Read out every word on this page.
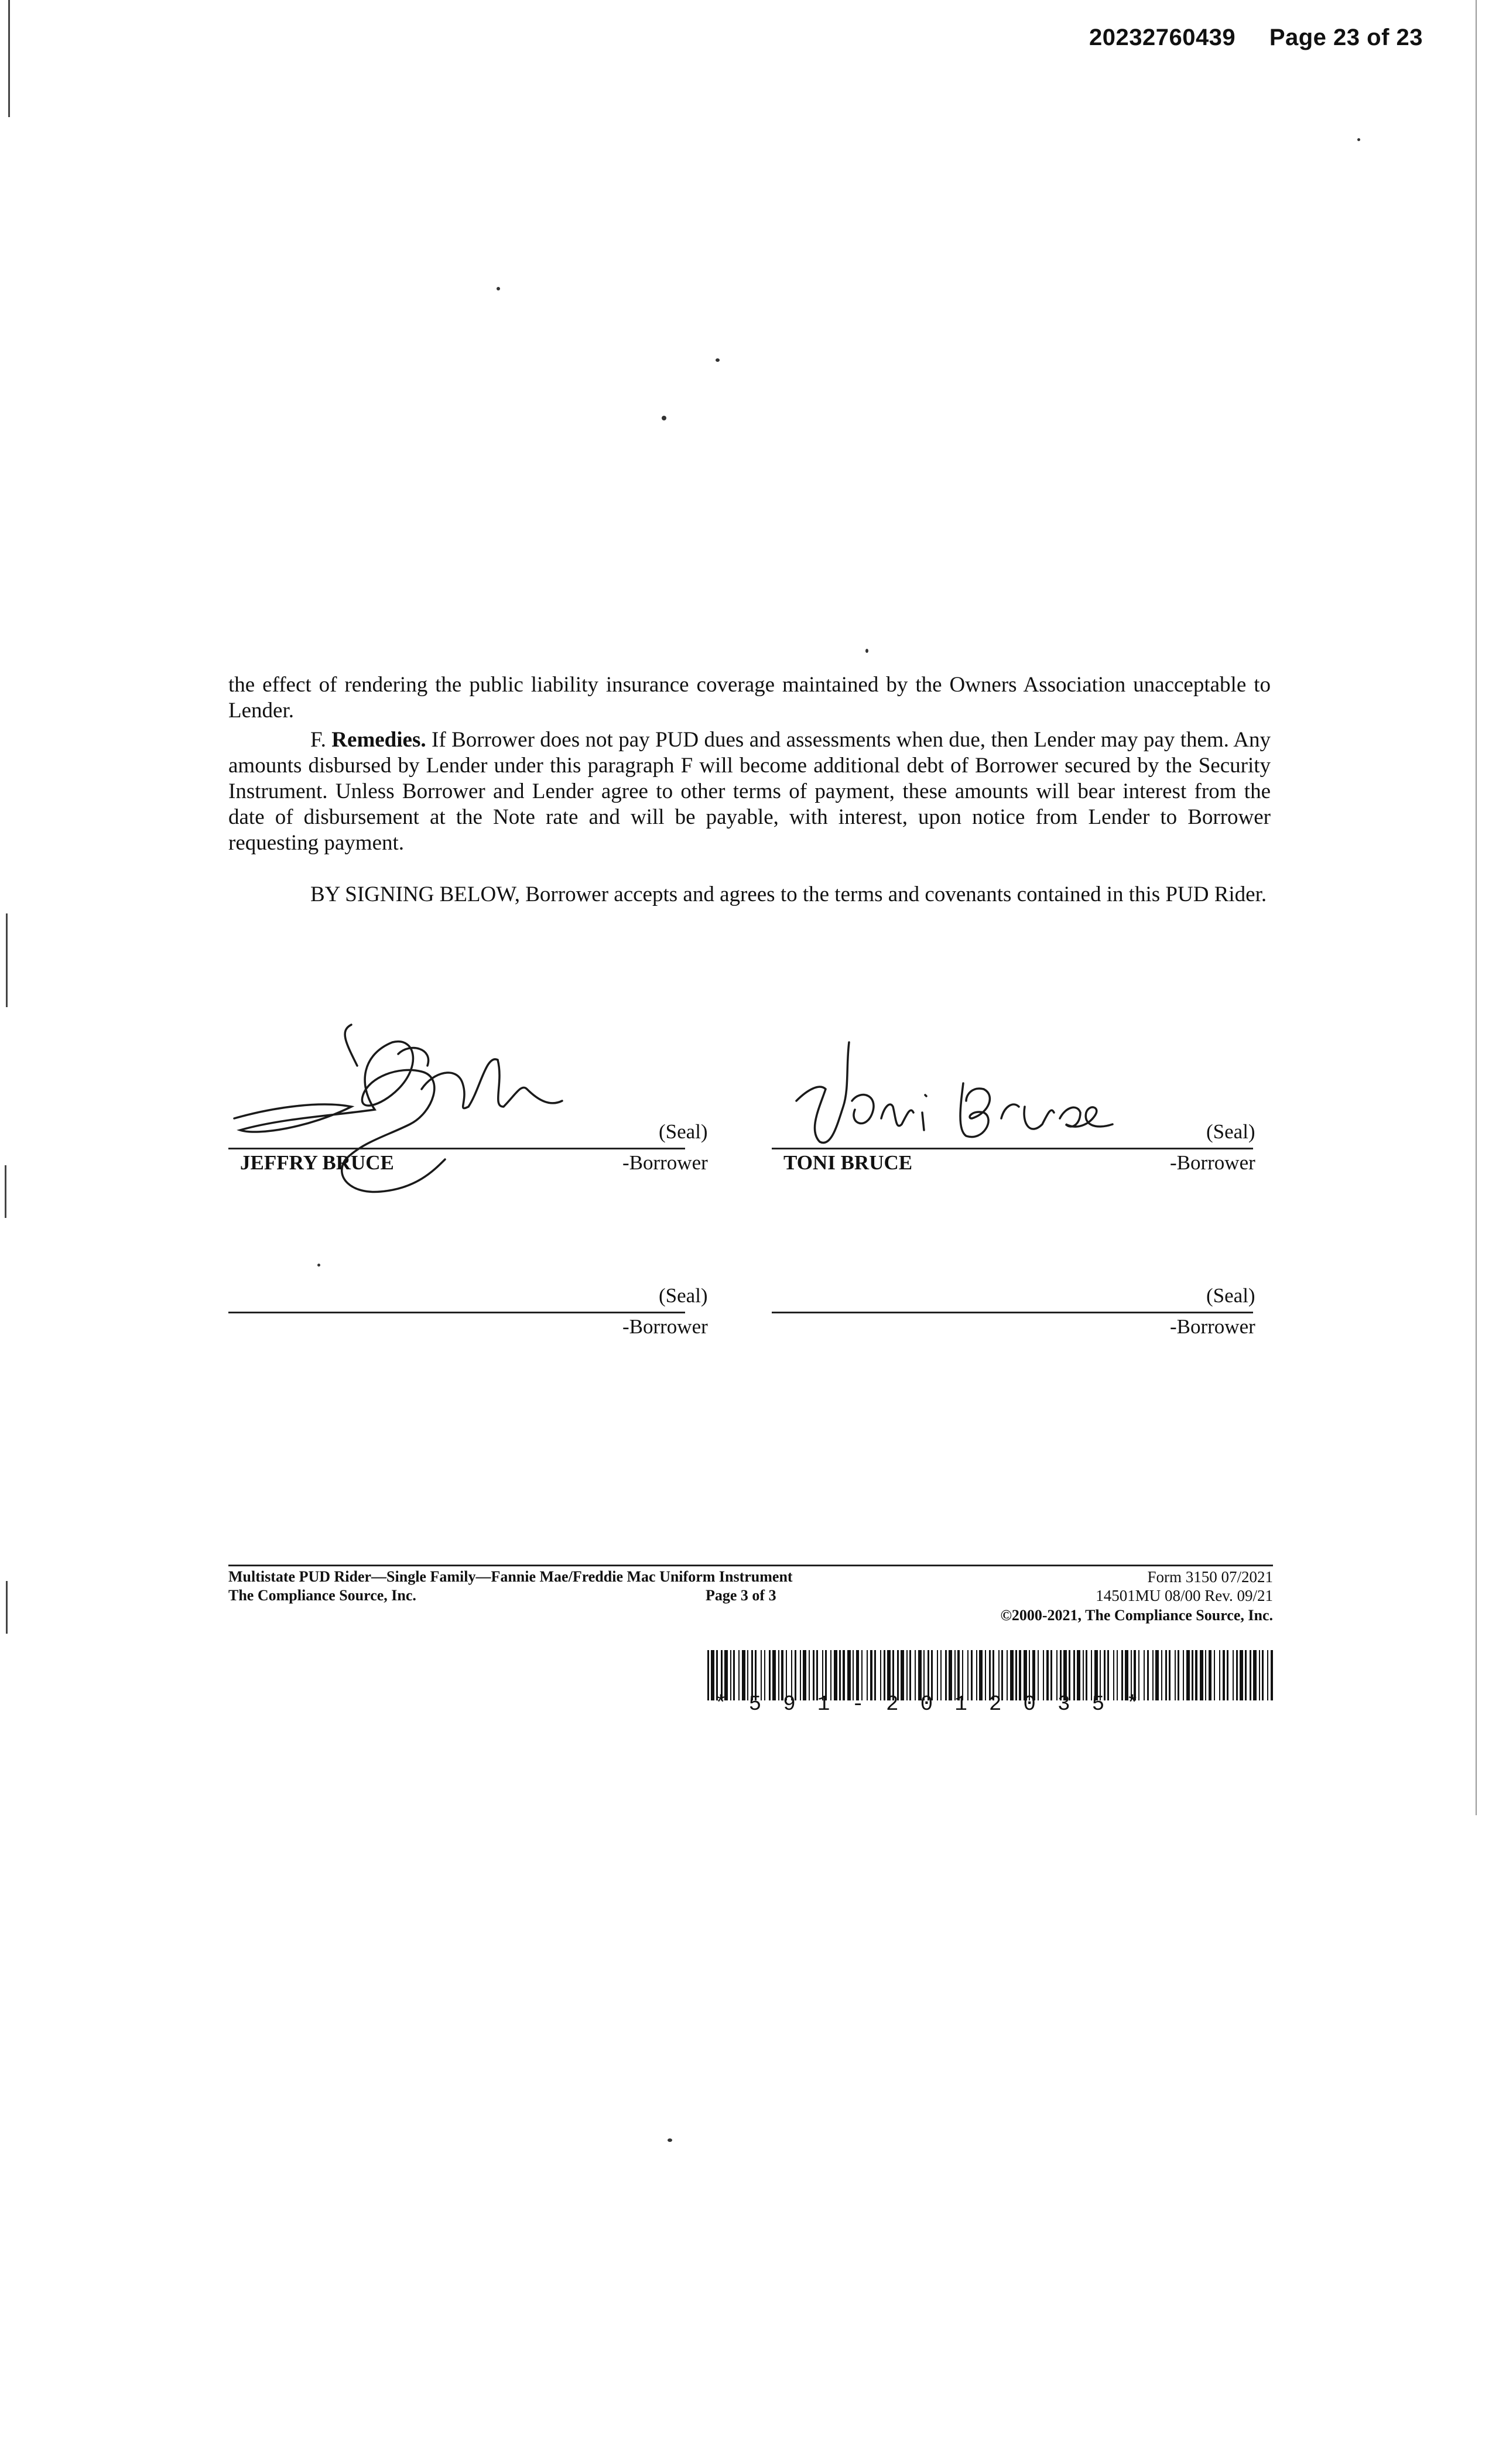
20232760439 Page 23 of 23

the effect of rendering the public liability insurance coverage maintained by the Owners Association unacceptable to Lender.

F. Remedies. If Borrower does not pay PUD dues and assessments when due, then Lender may pay them. Any amounts disbursed by Lender under this paragraph F will become additional debt of Borrower secured by the Security Instrument. Unless Borrower and Lender agree to other terms of payment, these amounts will bear interest from the date of disbursement at the Note rate and will be payable, with interest, upon notice from Lender to Borrower requesting payment.

BY SIGNING BELOW, Borrower accepts and agrees to the terms and covenants contained in this PUD Rider.

(Seal)
JEFFRY BRUCE	-Borrower
(Seal)
TONI BRUCE	-Borrower
(Seal)
-Borrower
(Seal)
-Borrower
Multistate PUD Rider—Single Family—Fannie Mae/Freddie Mac Uniform Instrument	Form 3150 07/2021
The Compliance Source, Inc.	Page 3 of 3	14501MU 08/00 Rev. 09/21
©2000-2021, The Compliance Source, Inc.
*591-2012035*
